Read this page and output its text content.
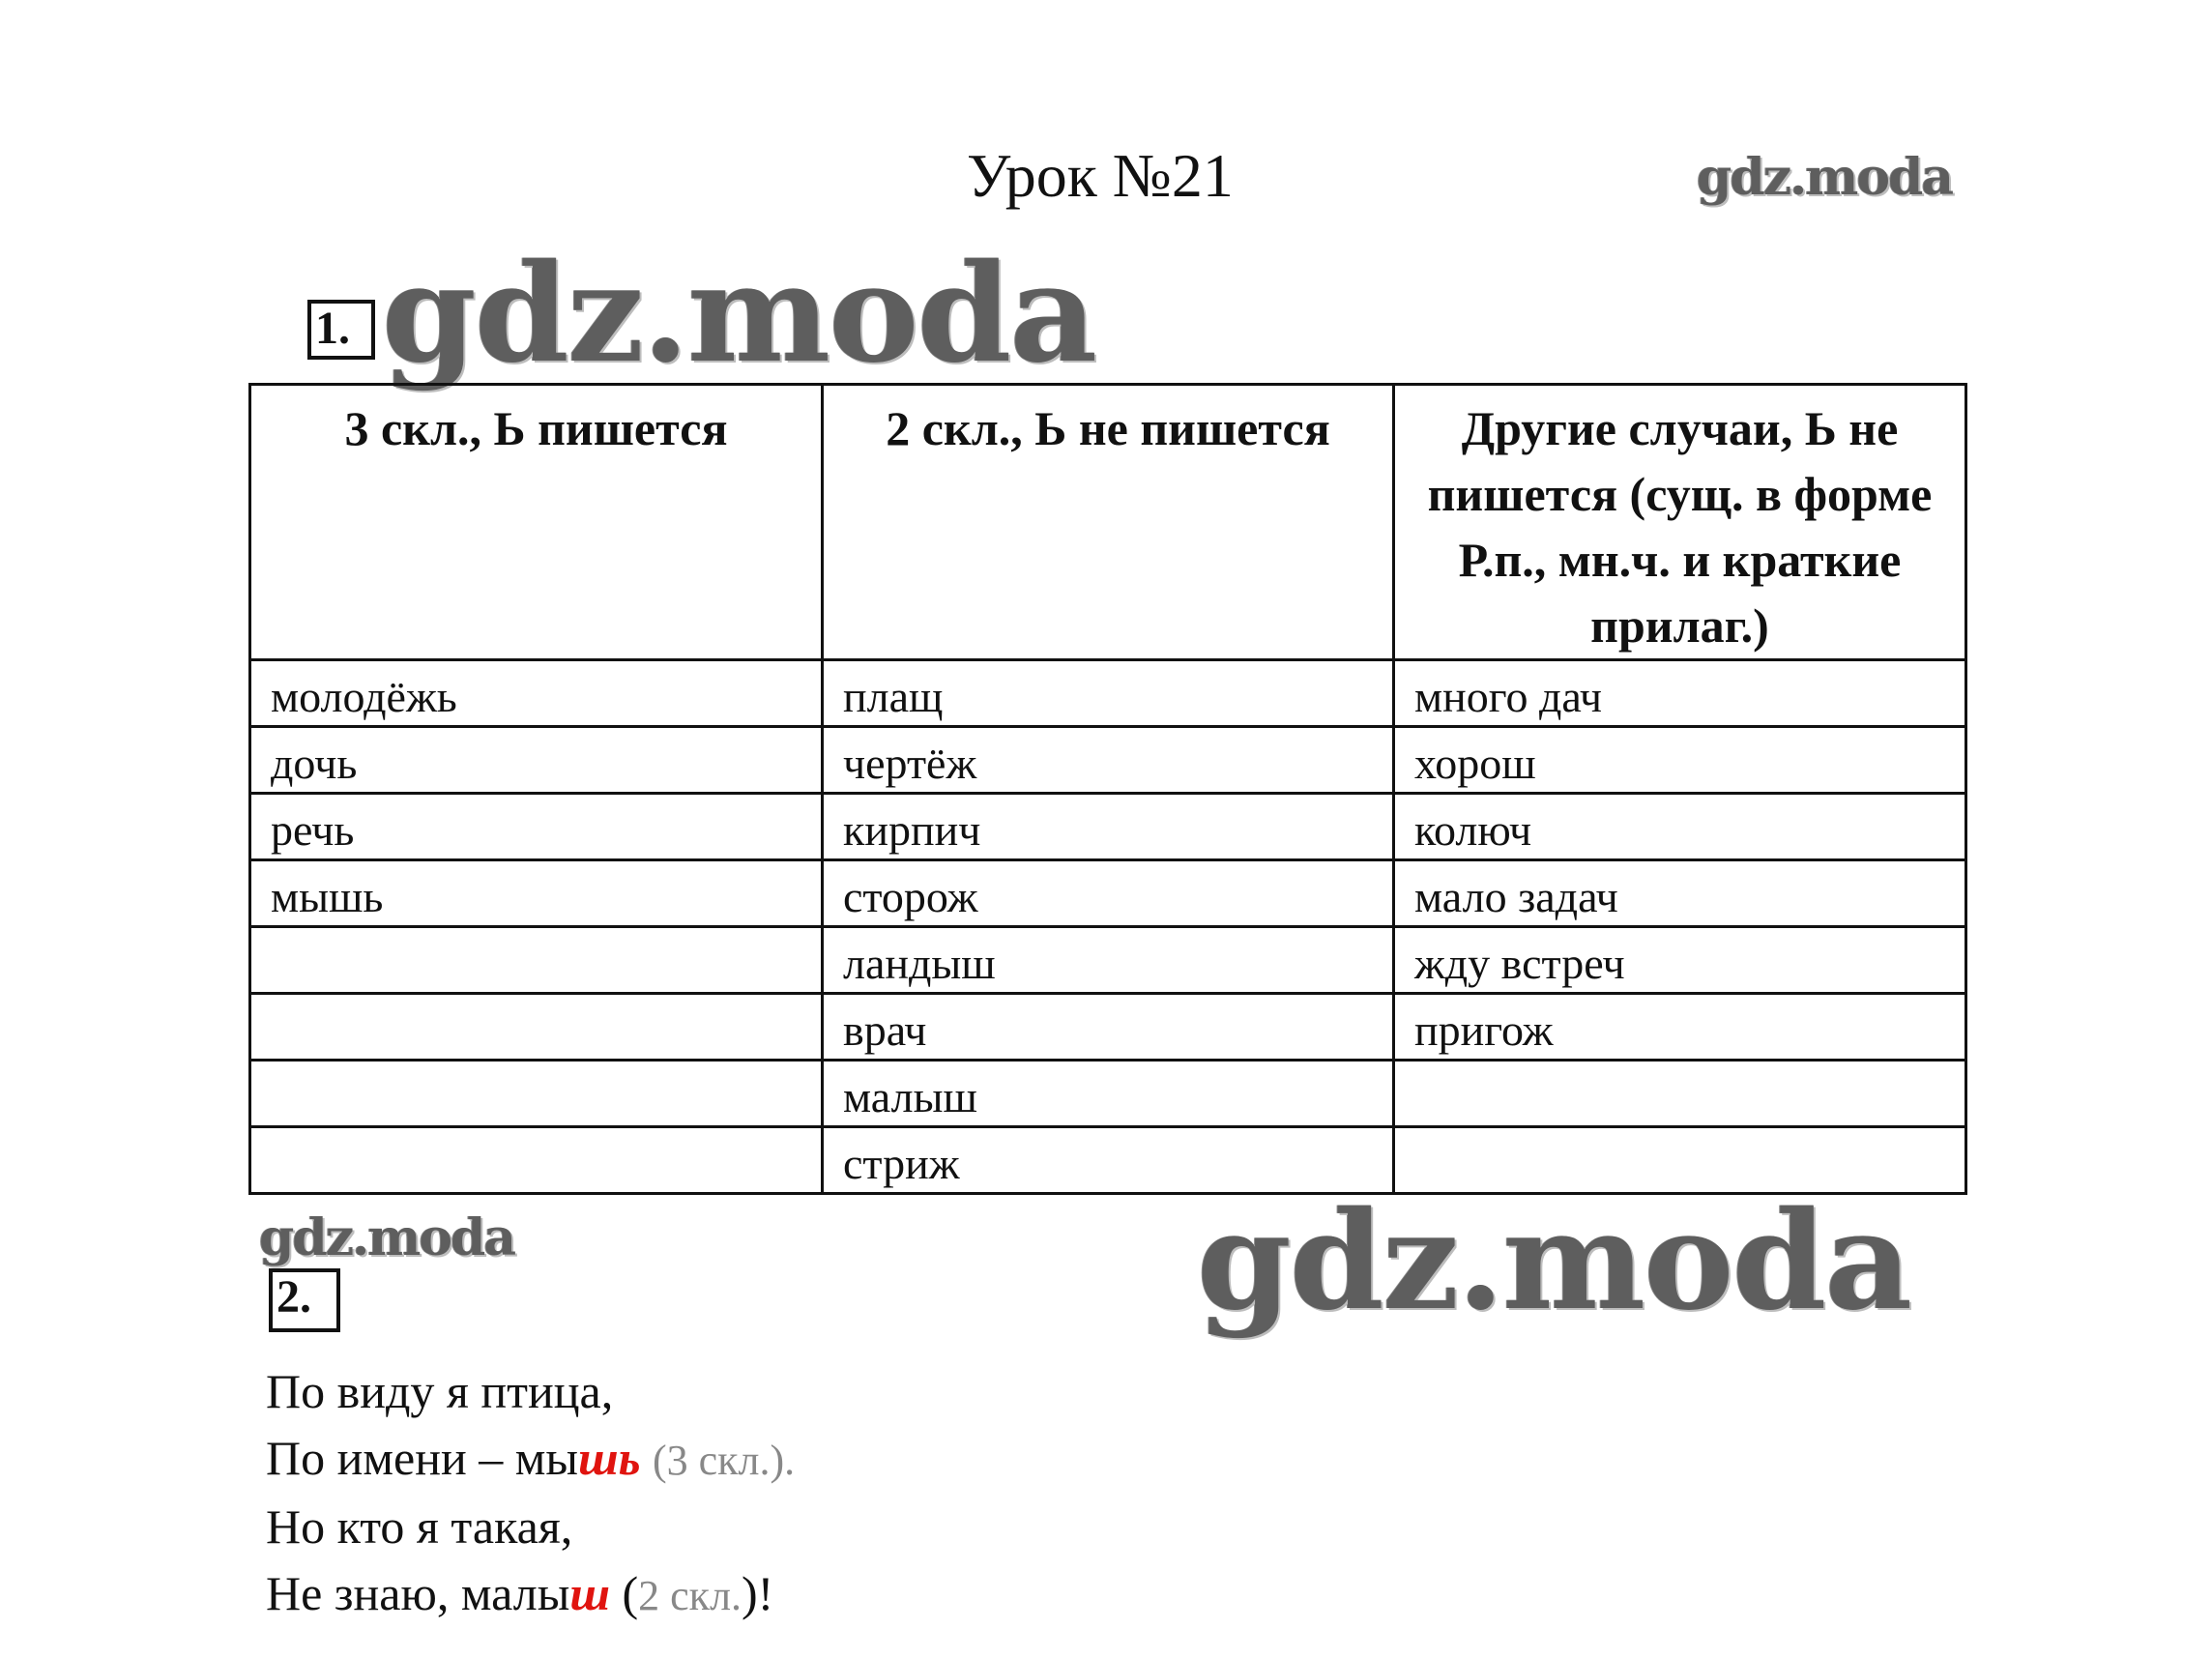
Урок №21	gdz.moda
gdz.moda
gdz.moda	gdz.moda
1.
3 скл., Ь пишется	2 скл., Ь не пишется	Другие случаи, Ь не пишется (сущ. в форме Р.п., мн.ч. и краткие прилаг.)
молодёжь	плащ	много дач
дочь	чертёж	хорош
речь	кирпич	колюч
мышь	сторож	мало задач
	ландыш	жду встреч
	врач	пригож
	малыш	
	стриж	
2.
По виду я птица,
По имени – мышь (3 скл.).
Но кто я такая,
Не знаю, малыш (2 скл.)!
